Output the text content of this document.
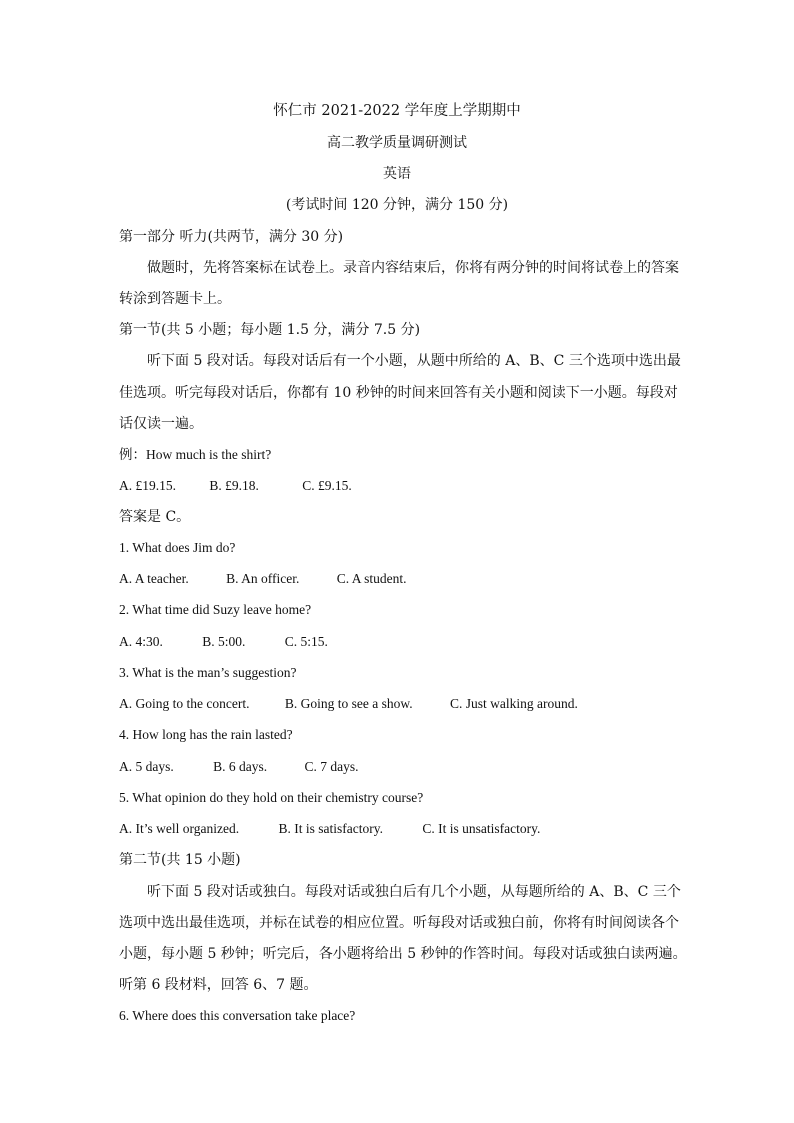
怀仁市 2021-2022 学年度上学期期中
高二教学质量调研测试
英语
(考试时间 120 分钟，满分 150 分)
第一部分 听力(共两节，满分 30 分)
做题时，先将答案标在试卷上。录音内容结束后，你将有两分钟的时间将试卷上的答案
转涂到答题卡上。
第一节(共 5 小题；每小题 1.5 分，满分 7.5 分)
听下面 5 段对话。每段对话后有一个小题，从题中所给的 A、B、C 三个选项中选出最
佳选项。听完每段对话后，你都有 10 秒钟的时间来回答有关小题和阅读下一小题。每段对
话仅读一遍。
例：How much is the shirt?
A. £19.15. B. £9.18.	C. £9.15.
答案是 C。
1. What does Jim do?
A. A teacher.	B. An officer.	C. A student.
2. What time did Suzy leave home?
A. 4:30.	B. 5:00.	C. 5:15.
3. What is the man’s suggestion?
A. Going to the concert.	B. Going to see a show.	C. Just walking around.
4. How long has the rain lasted?
A. 5 days.	B. 6 days.	C. 7 days.
5. What opinion do they hold on their chemistry course?
A. It’s well organized.	B. It is satisfactory.	C. It is unsatisfactory.
第二节(共 15 小题)
听下面 5 段对话或独白。每段对话或独白后有几个小题，从每题所给的 A、B、C 三个
选项中选出最佳选项，并标在试卷的相应位置。听每段对话或独白前，你将有时间阅读各个
小题，每小题 5 秒钟；听完后，各小题将给出 5 秒钟的作答时间。每段对话或独白读两遍。
听第 6 段材料，回答 6、7 题。
6. Where does this conversation take place?
